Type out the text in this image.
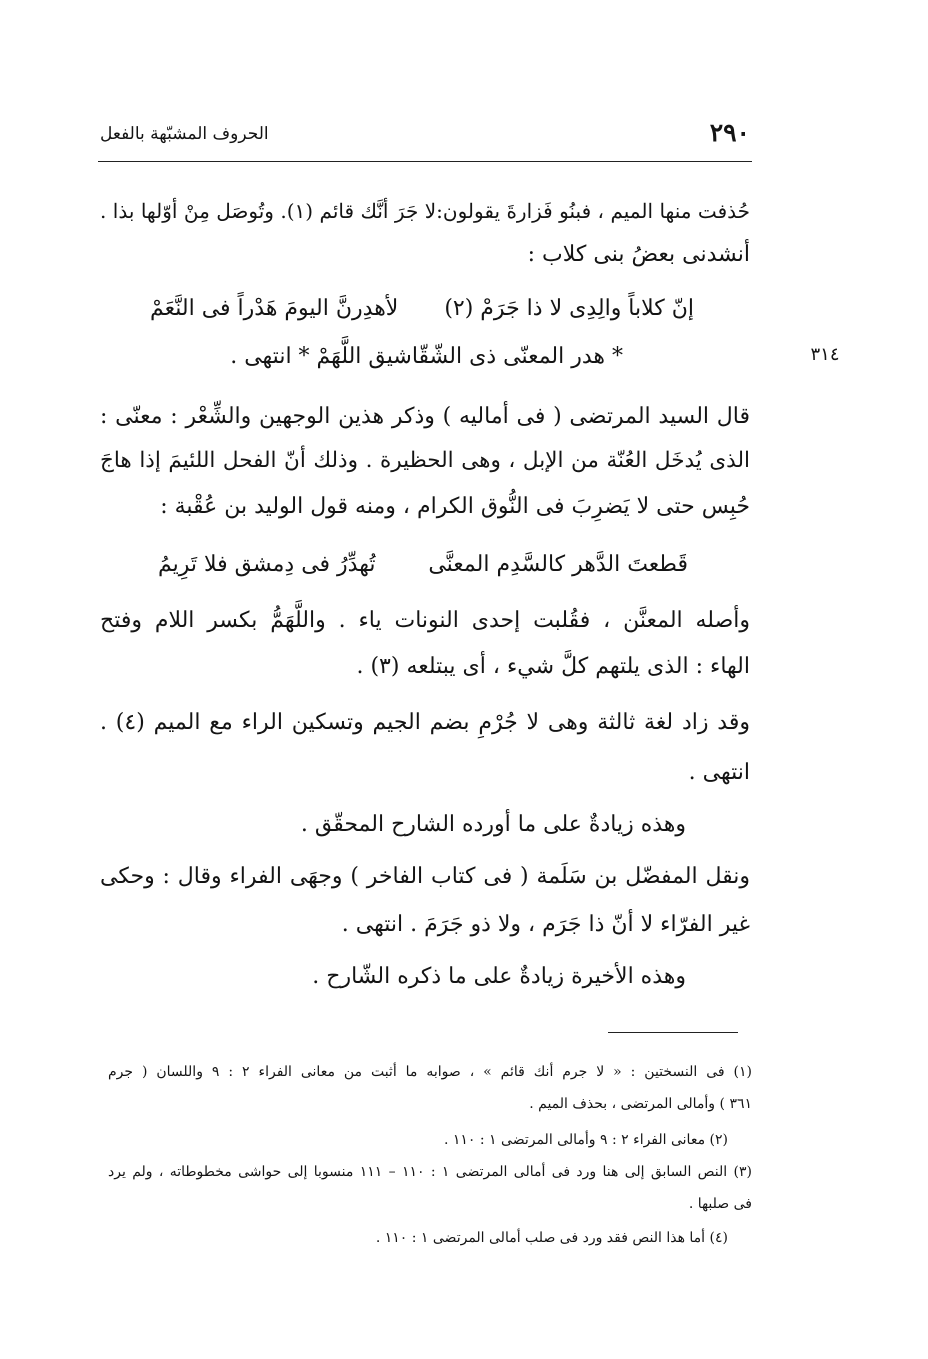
٢٩٠
الحروف المشبّهة بالفعل
٣١٤
حُذفت منها الميم ، فبنُو فَزارةَ يقولون:لا جَرَ أنَّك قائم (١). وتُوصَل مِنْ أوّلها بذا .
أنشدنى بعضُ بنى كلاب :
إنّ كلاباً والِدِى لا ذا جَرَمْ (٢)
لأهدِرنَّ اليومَ هَدْراً فى النَّعَمْ
* هدر المعنّى ذى الشّقّاشيق اللَّهَمْ * انتهى .
قال السيد المرتضى ( فى أماليه ) وذكر هذين الوجهين والشِّعْر : معنّى :
الذى يُدخَل العُنّة من الإبل ، وهى الحظيرة . وذلك أنّ الفحل اللئيمَ إذا هاجَ
حُبِس حتى لا يَضرِبَ فى النُّوق الكرام ، ومنه قول الوليد بن عُقْبة :
قَطعتَ الدَّهر كالسَّدِم المعنَّى
تُهدِّرُ فى دِمشق فلا تَرِيمُ
وأصله المعنَّن ، فقُلبت إحدى النونات ياء . واللَّهَمُّ بكسر اللام وفتح
الهاء : الذى يلتهم كلَّ شيء ، أى يبتلعه (٣) .
وقد زاد لغة ثالثة وهى لا جُرْمِ بضم الجيم وتسكين الراء مع الميم (٤) .
انتهى .
وهذه زيادةٌ على ما أورده الشارح المحقّق .
ونقل المفضّل بن سَلَمة ( فى كتاب الفاخر ) وجهَى الفراء وقال : وحكى
غير الفرّاء لا أنّ ذا جَرَم ، ولا ذو جَرَمَ . انتهى .
وهذه الأخيرة زيادةٌ على ما ذكره الشّارح .
(١) فى النسختين : « لا جرم أنك قائم » ، صوابه ما أثبت من معانى الفراء ٢ : ٩ واللسان ( جرم
٣٦١ ) وأمالى المرتضى ، بحذف الميم .
(٢) معانى الفراء ٢ : ٩ وأمالى المرتضى ١ : ١١٠ .
(٣) النص السابق إلى هنا ورد فى أمالى المرتضى ١ : ١١٠ – ١١١ منسوبا إلى حواشى مخطوطاته ، ولم يرد
فى صلبها .
(٤) أما هذا النص فقد ورد فى صلب أمالى المرتضى ١ : ١١٠ .
